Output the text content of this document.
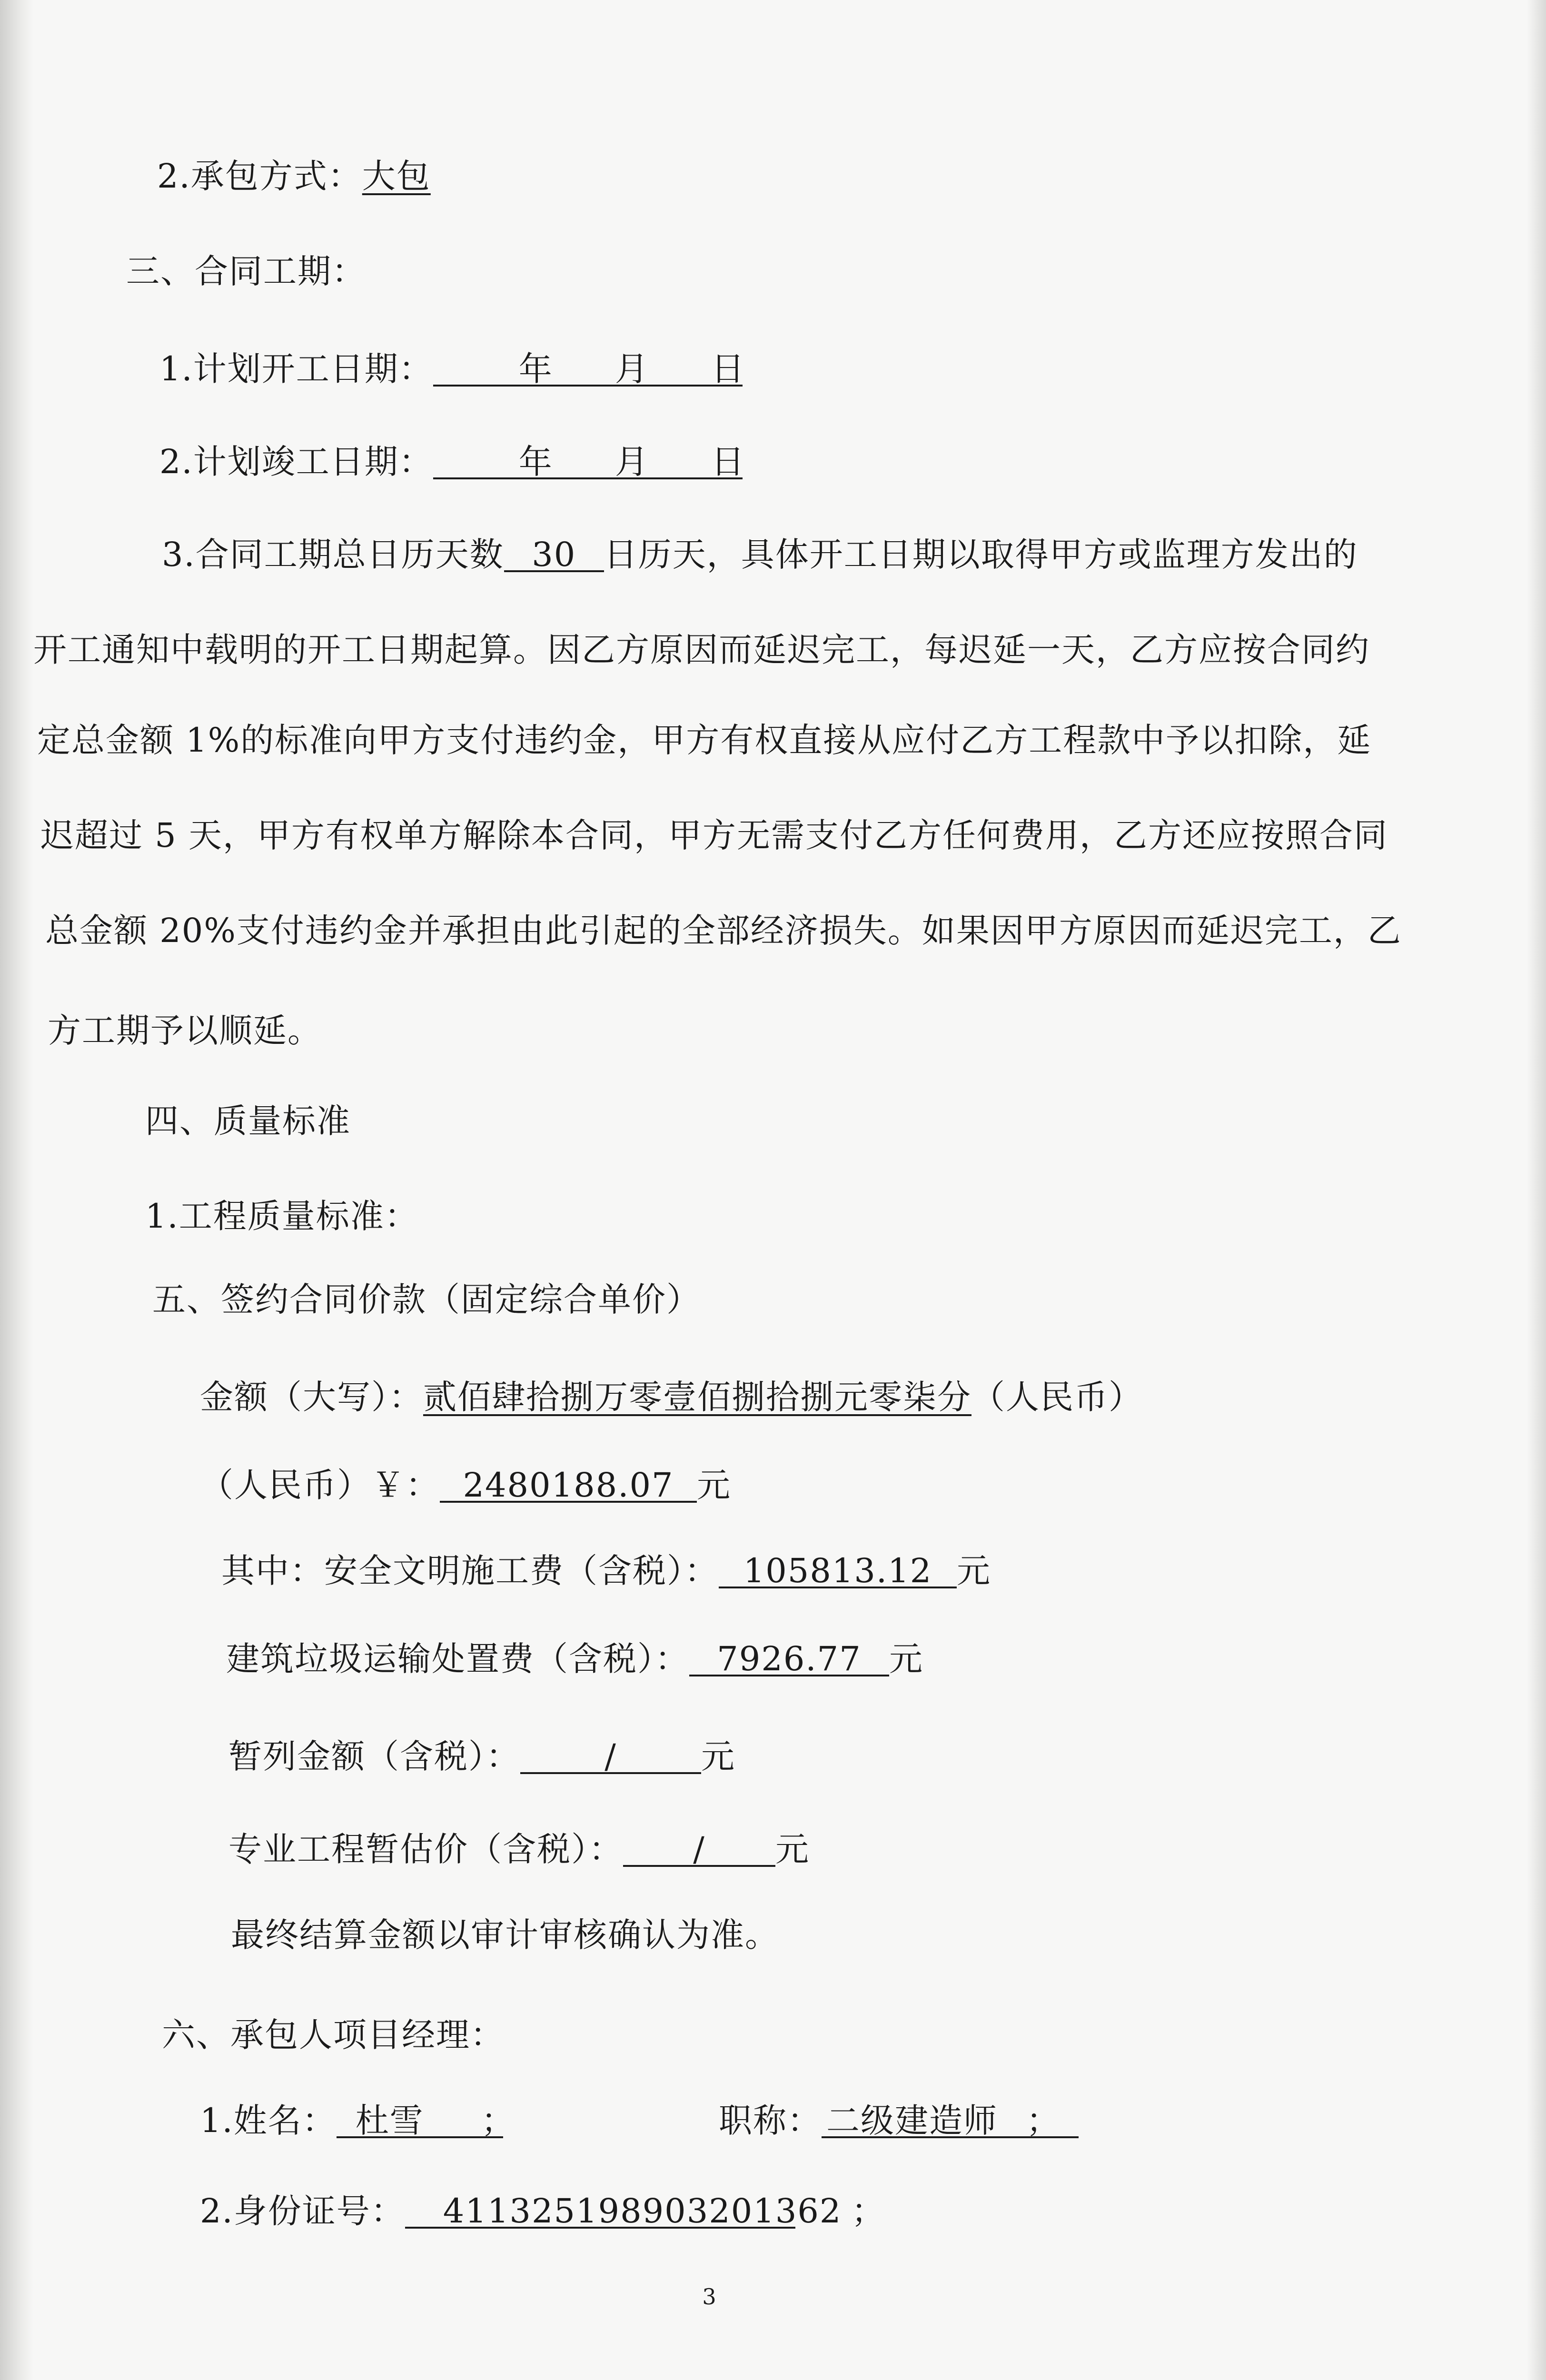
2.承包方式：大包
三、合同工期：
1.计划开工日期：	年 月 日
2.计划竣工日期：	年 月 日
3.合同工期总日历天数 30 日历天，具体开工日期以取得甲方或监理方发出的
开工通知中载明的开工日期起算。因乙方原因而延迟完工，每迟延一天，乙方应按合同约
定总金额 1%的标准向甲方支付违约金，甲方有权直接从应付乙方工程款中予以扣除，延
迟超过 5 天，甲方有权单方解除本合同，甲方无需支付乙方任何费用，乙方还应按照合同
总金额 20%支付违约金并承担由此引起的全部经济损失。如果因甲方原因而延迟完工，乙
方工期予以顺延。
四、质量标准
1.工程质量标准：
五、签约合同价款（固定综合单价）
金额（大写）：贰佰肆拾捌万零壹佰捌拾捌元零柒分（人民币）
（人民币）￥： 2480188.07 元
其中：安全文明施工费（含税）： 105813.12 元
建筑垃圾运输处置费（含税）： 7926.77 元
暂列金额（含税）：	/	元
专业工程暂估价（含税）： / 元
最终结算金额以审计审核确认为准。
六、承包人项目经理：
1.姓名： 杜雪 ；	职称： 二级建造师 ；
2.身份证号： 411325198903201362 ；
3
